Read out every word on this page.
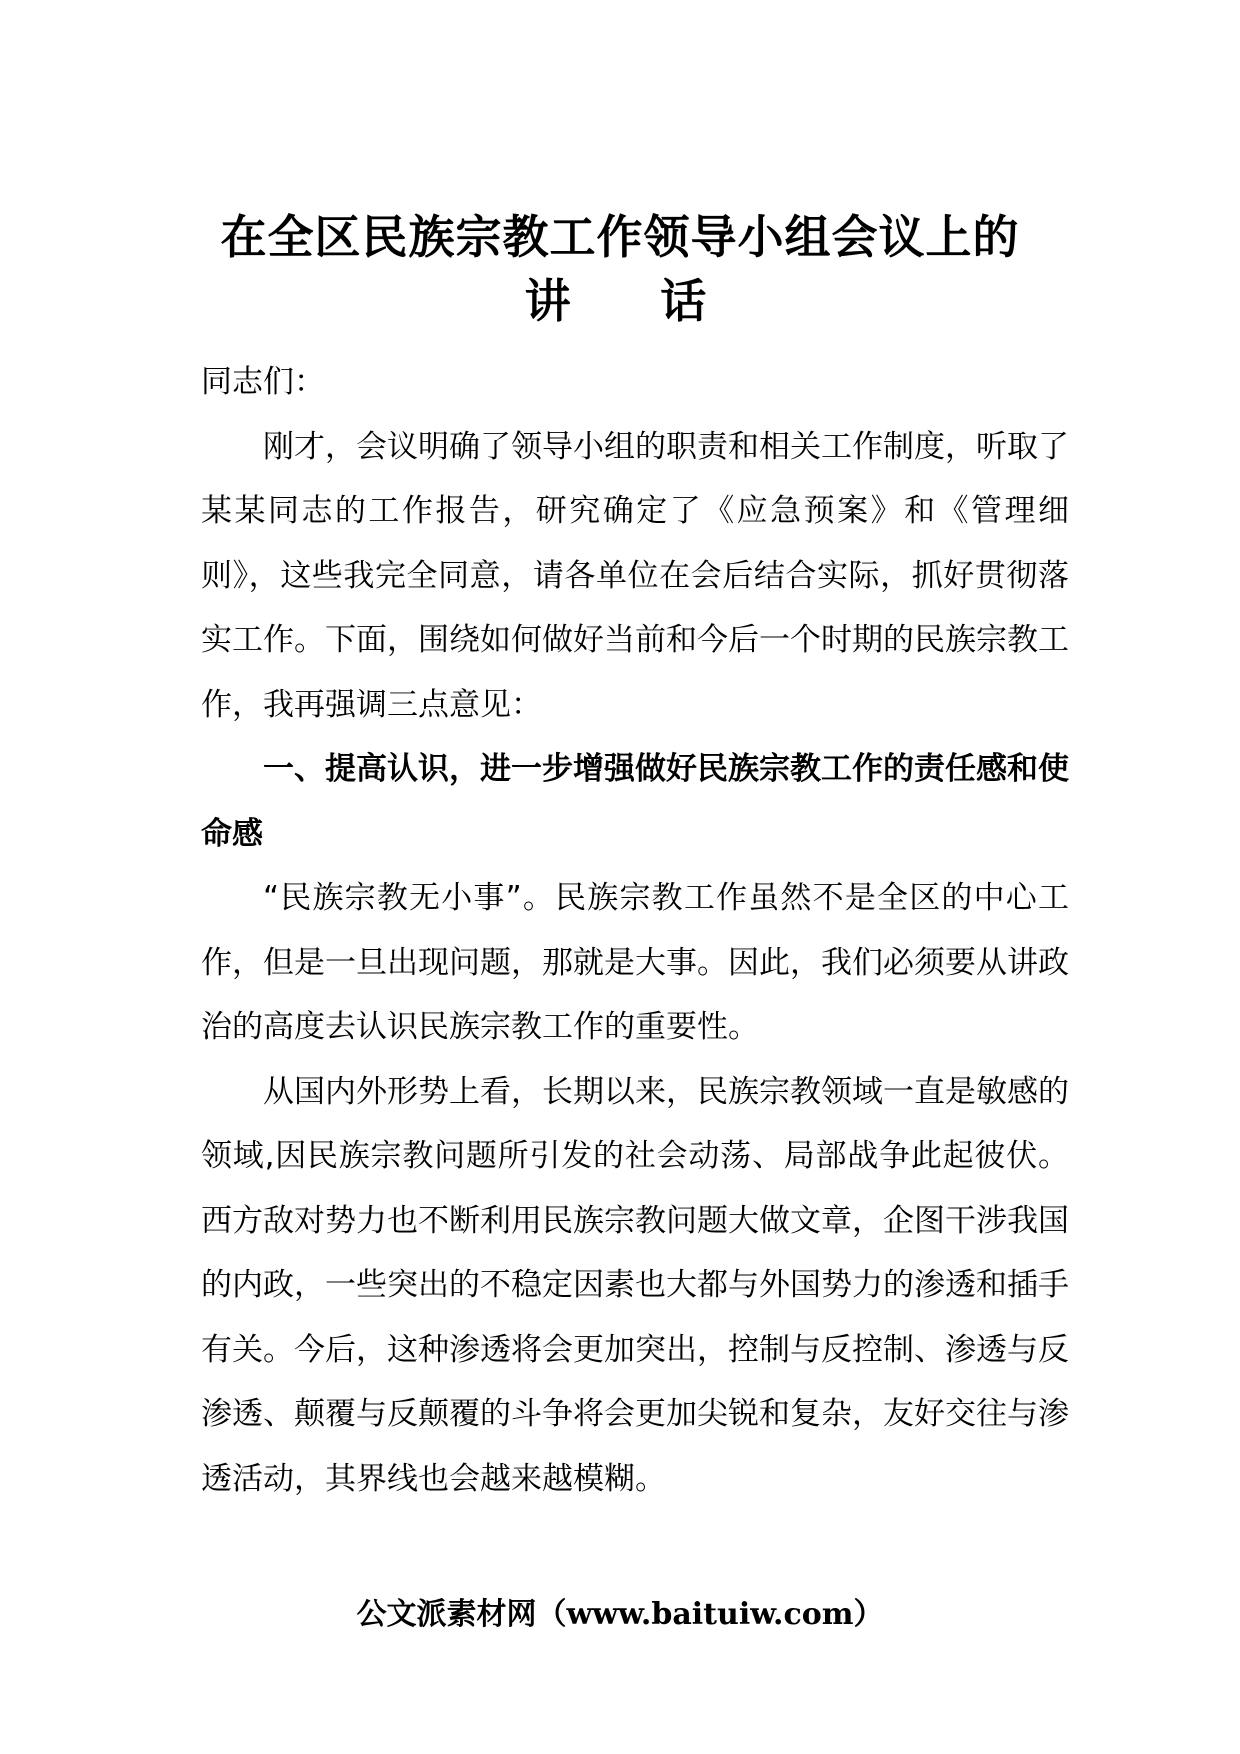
在全区民族宗教工作领导小组会议上的
讲 话

同志们：

刚才，会议明确了领导小组的职责和相关工作制度，听取了某某同志的工作报告，研究确定了《应急预案》和《管理细则》，这些我完全同意，请各单位在会后结合实际，抓好贯彻落实工作。下面，围绕如何做好当前和今后一个时期的民族宗教工作，我再强调三点意见：

一、提高认识，进一步增强做好民族宗教工作的责任感和使命感

“民族宗教无小事”。民族宗教工作虽然不是全区的中心工作，但是一旦出现问题，那就是大事。因此，我们必须要从讲政治的高度去认识民族宗教工作的重要性。

从国内外形势上看，长期以来，民族宗教领域一直是敏感的领域,因民族宗教问题所引发的社会动荡、局部战争此起彼伏。西方敌对势力也不断利用民族宗教问题大做文章，企图干涉我国的内政，一些突出的不稳定因素也大都与外国势力的渗透和插手有关。今后，这种渗透将会更加突出，控制与反控制、渗透与反渗透、颠覆与反颠覆的斗争将会更加尖锐和复杂，友好交往与渗透活动，其界线也会越来越模糊。

公文派素材网（www.baituiw.com）
